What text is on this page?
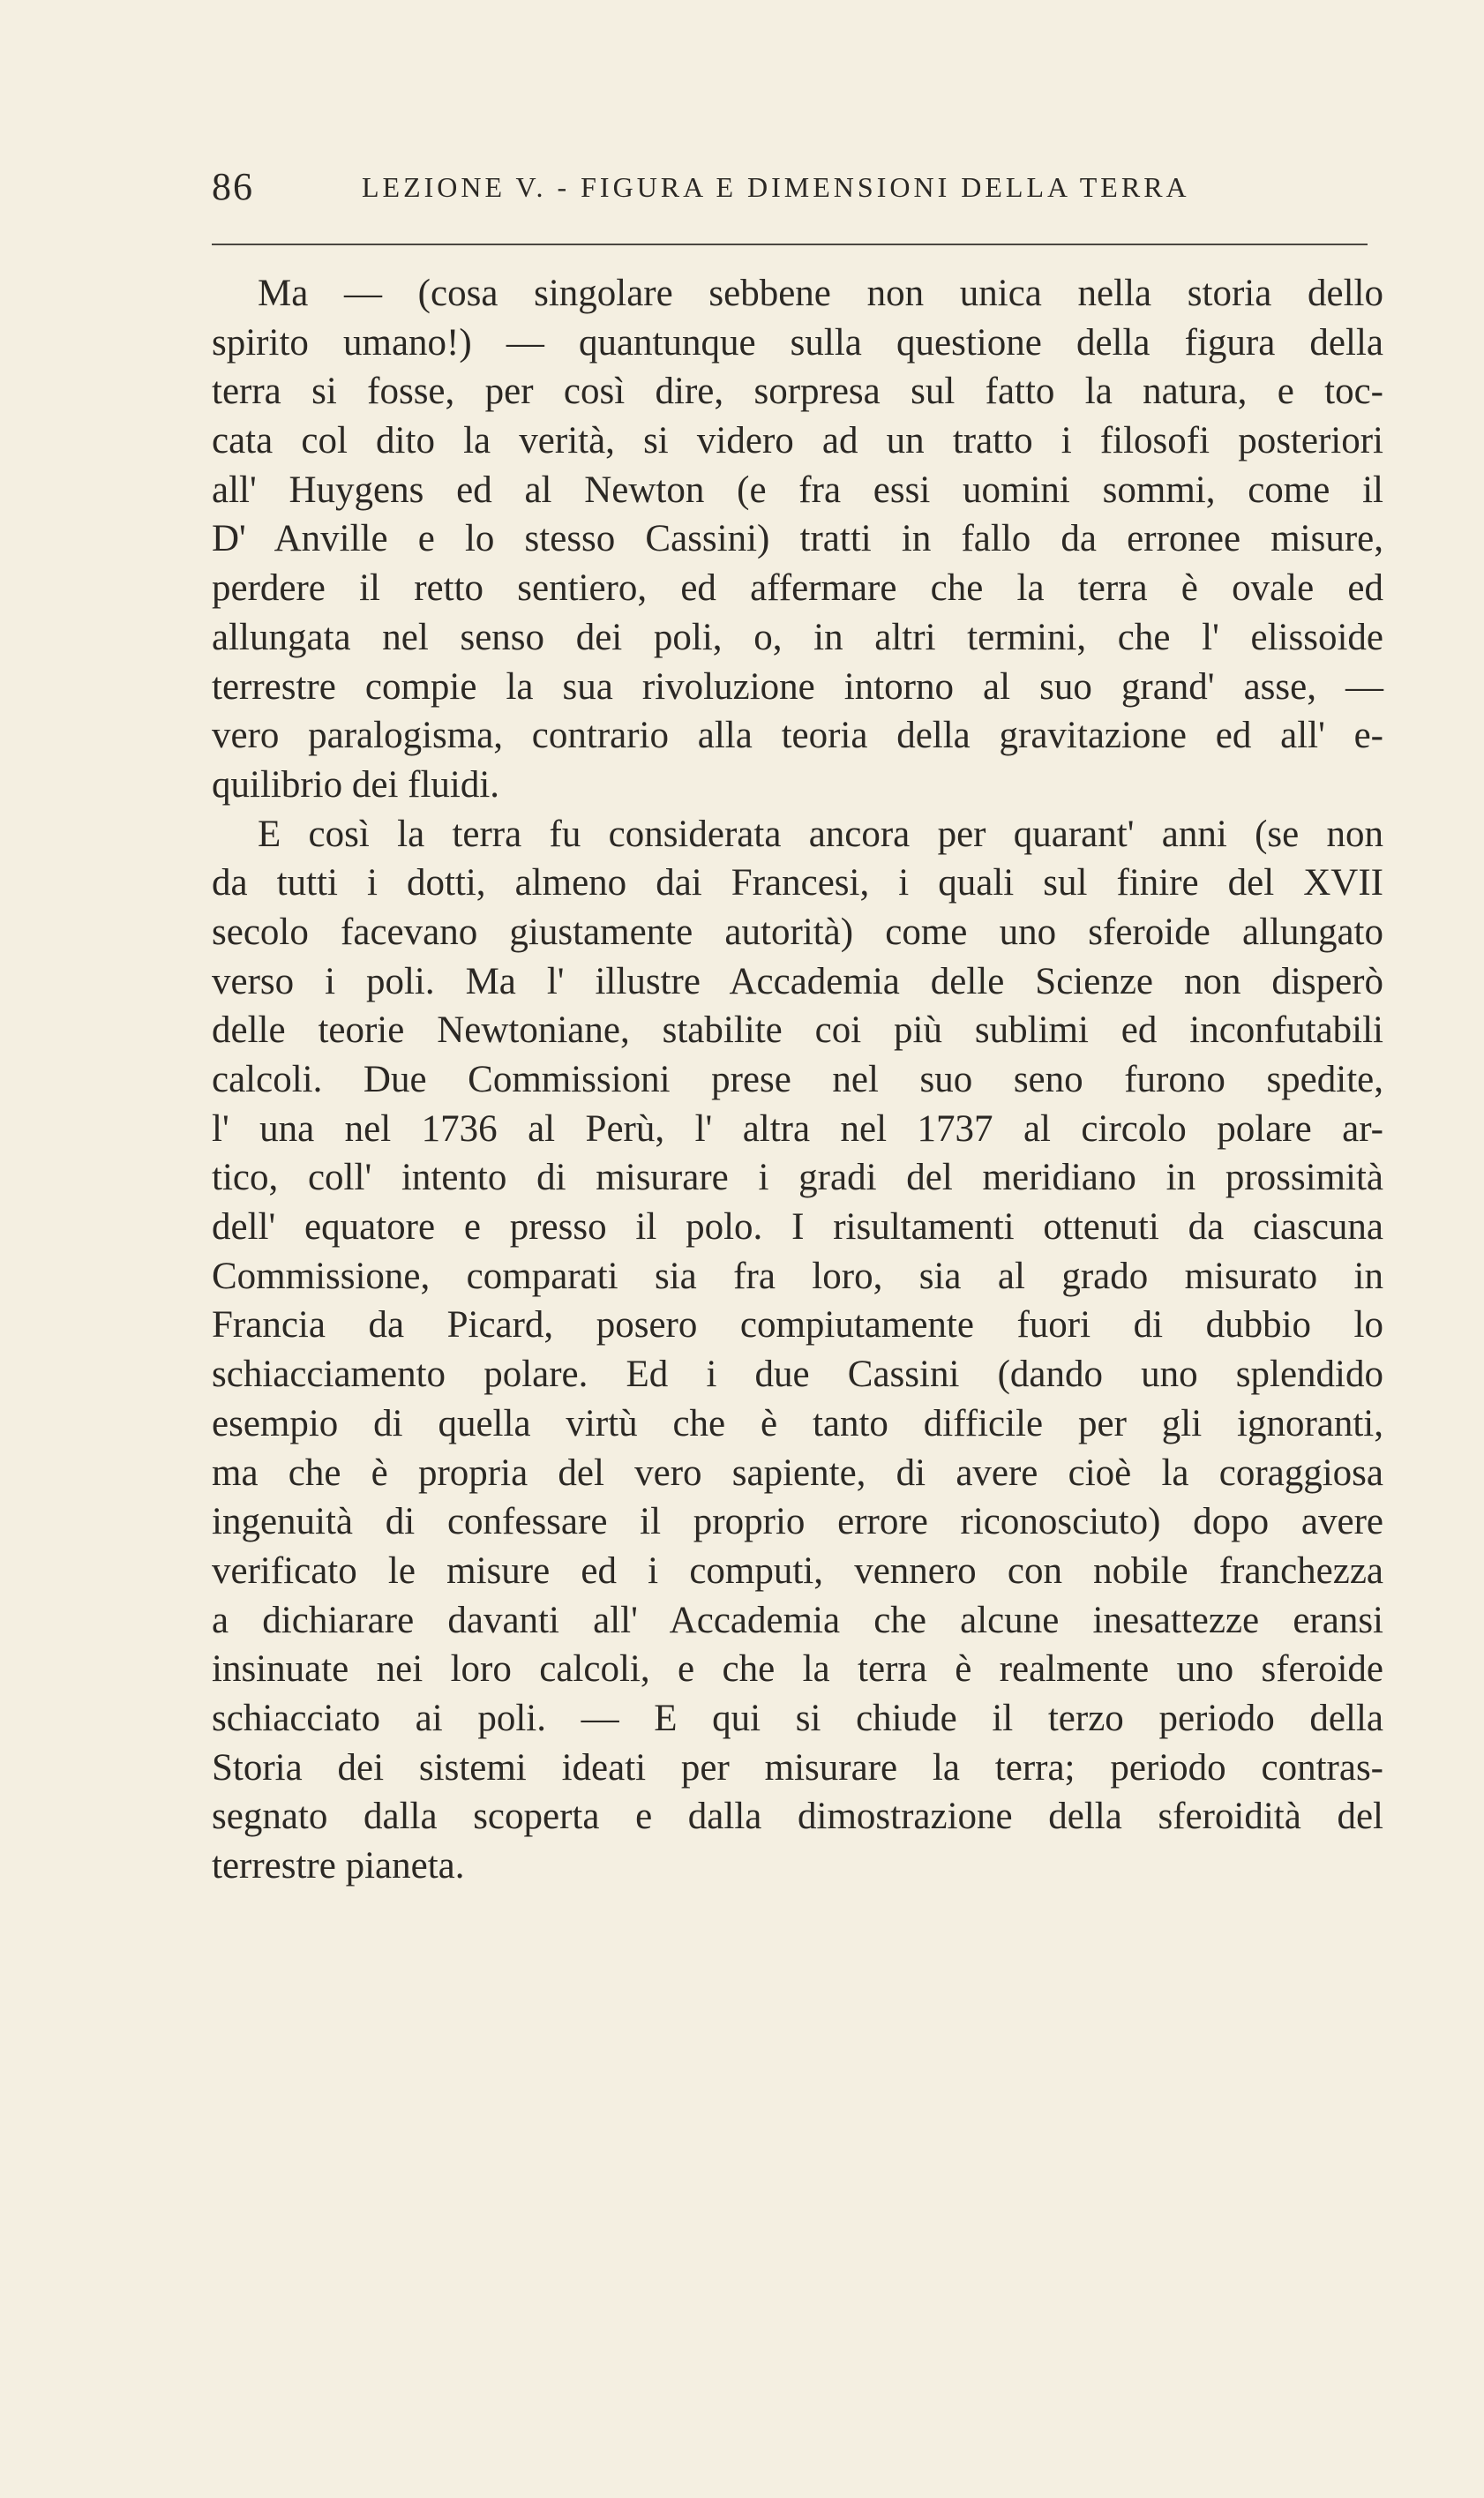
86	LEZIONE V. - FIGURA E DIMENSIONI DELLA TERRA
Ma — (cosa singolare sebbene non unica nella storia dello
spirito umano!) — quantunque sulla questione della figura della
terra si fosse, per così dire, sorpresa sul fatto la natura, e toc-
cata col dito la verità, si videro ad un tratto i filosofi posteriori
all' Huygens ed al Newton (e fra essi uomini sommi, come il
D' Anville e lo stesso Cassini) tratti in fallo da erronee misure,
perdere il retto sentiero, ed affermare che la terra è ovale ed
allungata nel senso dei poli, o, in altri termini, che l' elissoide
terrestre compie la sua rivoluzione intorno al suo grand' asse, —
vero paralogisma, contrario alla teoria della gravitazione ed all' e-
quilibrio dei fluidi.
E così la terra fu considerata ancora per quarant' anni (se non
da tutti i dotti, almeno dai Francesi, i quali sul finire del XVII
secolo facevano giustamente autorità) come uno sferoide allungato
verso i poli. Ma l' illustre Accademia delle Scienze non disperò
delle teorie Newtoniane, stabilite coi più sublimi ed inconfutabili
calcoli. Due Commissioni prese nel suo seno furono spedite,
l' una nel 1736 al Perù, l' altra nel 1737 al circolo polare ar-
tico, coll' intento di misurare i gradi del meridiano in prossimità
dell' equatore e presso il polo. I risultamenti ottenuti da ciascuna
Commissione, comparati sia fra loro, sia al grado misurato in
Francia da Picard, posero compiutamente fuori di dubbio lo
schiacciamento polare. Ed i due Cassini (dando uno splendido
esempio di quella virtù che è tanto difficile per gli ignoranti,
ma che è propria del vero sapiente, di avere cioè la coraggiosa
ingenuità di confessare il proprio errore riconosciuto) dopo avere
verificato le misure ed i computi, vennero con nobile franchezza
a dichiarare davanti all' Accademia che alcune inesattezze eransi
insinuate nei loro calcoli, e che la terra è realmente uno sferoide
schiacciato ai poli. — E qui si chiude il terzo periodo della
Storia dei sistemi ideati per misurare la terra; periodo contras-
segnato dalla scoperta e dalla dimostrazione della sferoidità del
terrestre pianeta.
